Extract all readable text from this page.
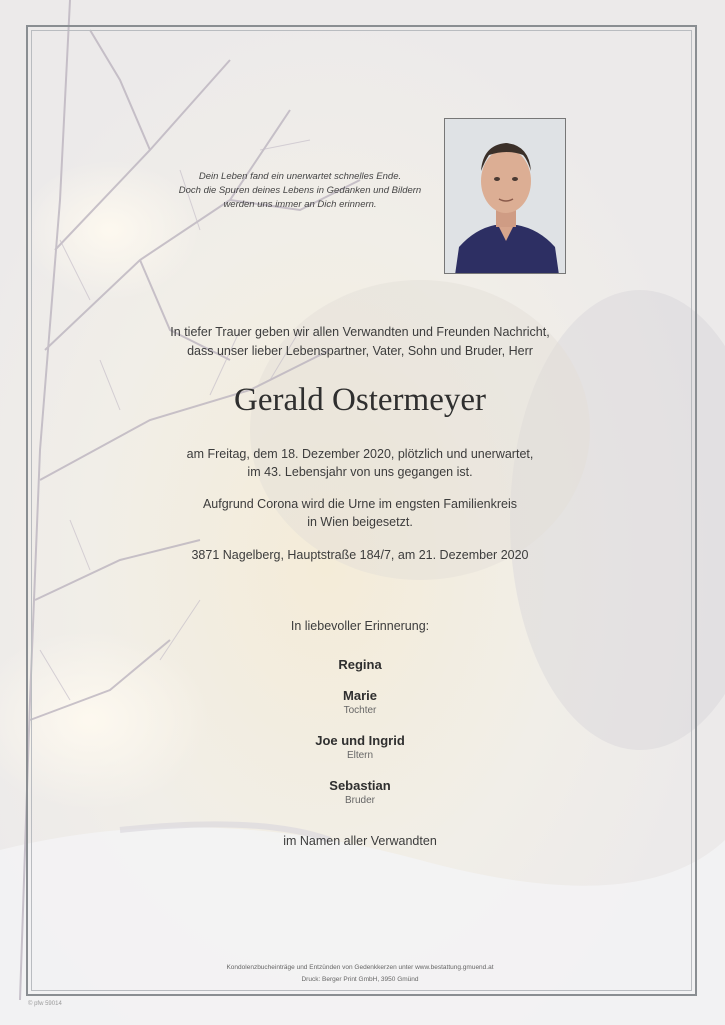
Dein Leben fand ein unerwartet schnelles Ende.
Doch die Spuren deines Lebens in Gedanken und Bildern
werden uns immer an Dich erinnern.
In tiefer Trauer geben wir allen Verwandten und Freunden Nachricht,
dass unser lieber Lebenspartner, Vater, Sohn und Bruder, Herr
Gerald Ostermeyer
am Freitag, dem 18. Dezember 2020, plötzlich und unerwartet,
im 43. Lebensjahr von uns gegangen ist.
Aufgrund Corona wird die Urne im engsten Familienkreis
in Wien beigesetzt.
3871 Nagelberg, Hauptstraße 184/7, am 21. Dezember 2020
In liebevoller Erinnerung:
Regina
Marie
Tochter
Joe und Ingrid
Eltern
Sebastian
Bruder
im Namen aller Verwandten
Kondolenzbucheinträge und Entzünden von Gedenkkerzen unter www.bestattung.gmuend.at
Druck: Berger Print GmbH, 3950 Gmünd
© pfw 59014
